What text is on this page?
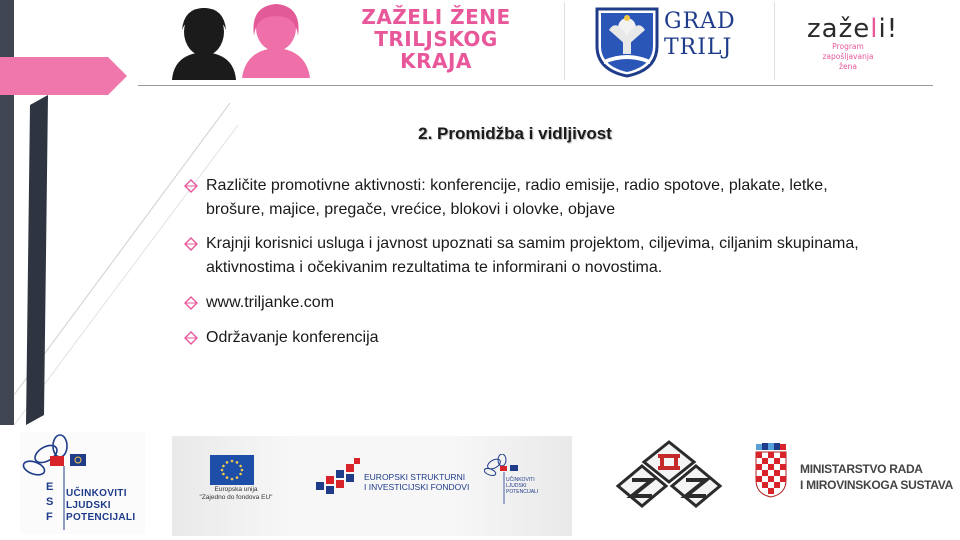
ZAŽELI ŽENE
TRILJSKOG
KRAJA
GRAD
TRILJ
zaželi!
Program
zapošljavanja
žena
2. Promidžba i vidljivost
Različite promotivne aktivnosti: konferencije, radio emisije, radio spotove, plakate, letke, brošure, majice, pregače, vrećice, blokovi i olovke, objave
Krajnji korisnici usluga i javnost upoznati sa samim projektom, ciljevima, ciljanim skupinama, aktivnostima i očekivanim rezultatima te informirani o novostima.
www.triljanke.com
Održavanje konferencija
E
S
F
UČINKOVITI
LJUDSKI
POTENCIJALI
Europska unija
"Zajedno do fondova EU"
EUROPSKI STRUKTURNI
I INVESTICIJSKI FONDOVI
UČINKOVITI
LJUDSKI
POTENCIJALI
MINISTARSTVO RADA
I MIROVINSKOGA SUSTAVA
